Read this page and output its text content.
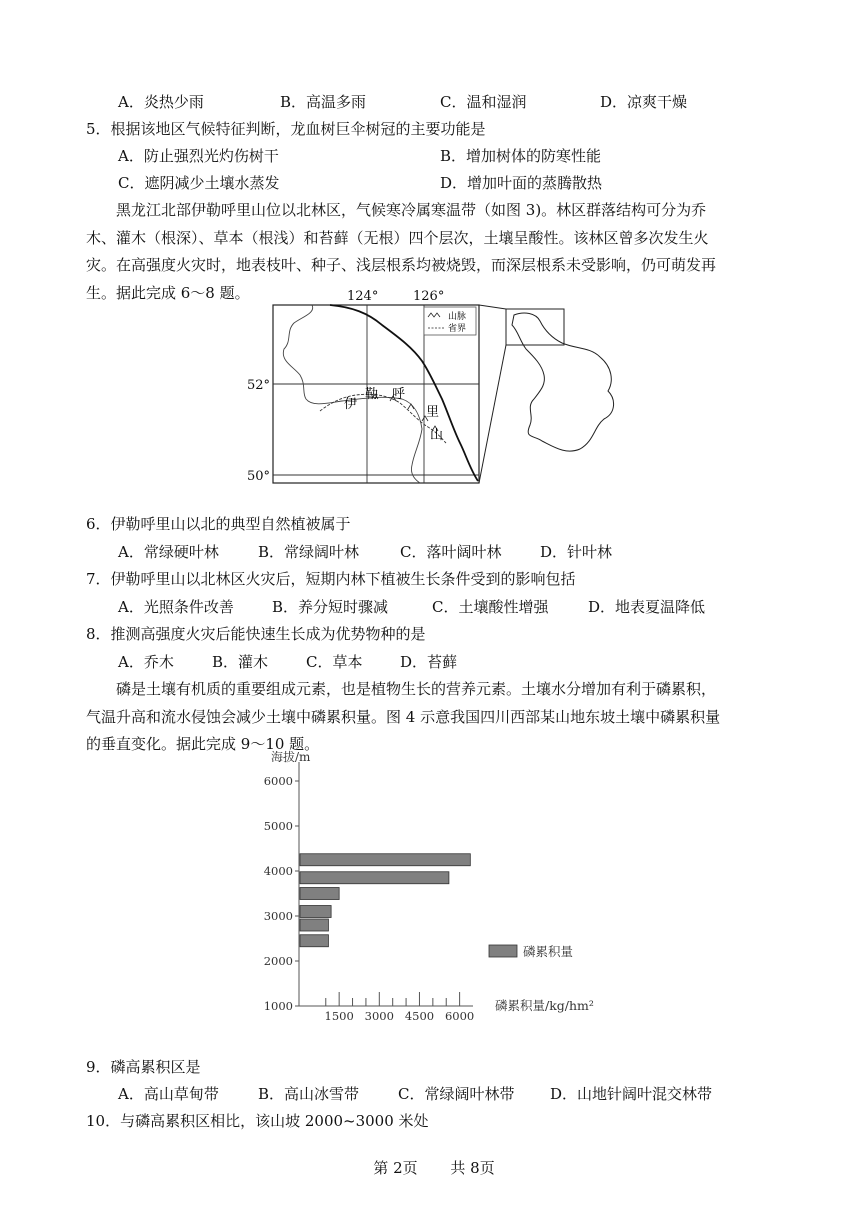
A．炎热少雨	B．高温多雨	C．温和湿润	D．凉爽干燥
5．根据该地区气候特征判断，龙血树巨伞树冠的主要功能是
A．防止强烈光灼伤树干	B．增加树体的防寒性能
C．遮阴减少土壤水蒸发	D．增加叶面的蒸腾散热

黑龙江北部伊勒呼里山位以北林区，气候寒冷属寒温带（如图 3)。林区群落结构可分为乔木、灌木（根深）、草本（根浅）和苔藓（无根）四个层次，土壤呈酸性。该林区曾多次发生火灾。在高强度火灾时，地表枝叶、种子、浅层根系均被烧毁，而深层根系未受影响，仍可萌发再生。据此完成 6～8 题。

伊
勒 呼
里
山
山脉
省界
124°	126°
52°
50°
6．伊勒呼里山以北的典型自然植被属于
A．常绿硬叶林	B．常绿阔叶林	C．落叶阔叶林	D．针叶林
7．伊勒呼里山以北林区火灾后，短期内林下植被生长条件受到的影响包括
A．光照条件改善	B．养分短时骤减	C．土壤酸性增强	D．地表夏温降低
8．推测高强度火灾后能快速生长成为优势物种的是
A．乔木	B．灌木	C．草本	D．苔藓

磷是土壤有机质的重要组成元素，也是植物生长的营养元素。土壤水分增加有利于磷累积，气温升高和流水侵蚀会减少土壤中磷累积量。图 4 示意我国四川西部某山地东坡土壤中磷累积量的垂直变化。据此完成 9～10 题。

海拔/m
1000
2000
3000
4000
5000
6000
1500 3000 4500 6000
磷累积量/kg/hm²
磷累积量
9．磷高累积区是
A．高山草甸带	B．高山冰雪带	C．常绿阔叶林带 D．山地针阔叶混交林带
10．与磷高累积区相比，该山坡 2000~3000 米处
第 2页 共 8页
